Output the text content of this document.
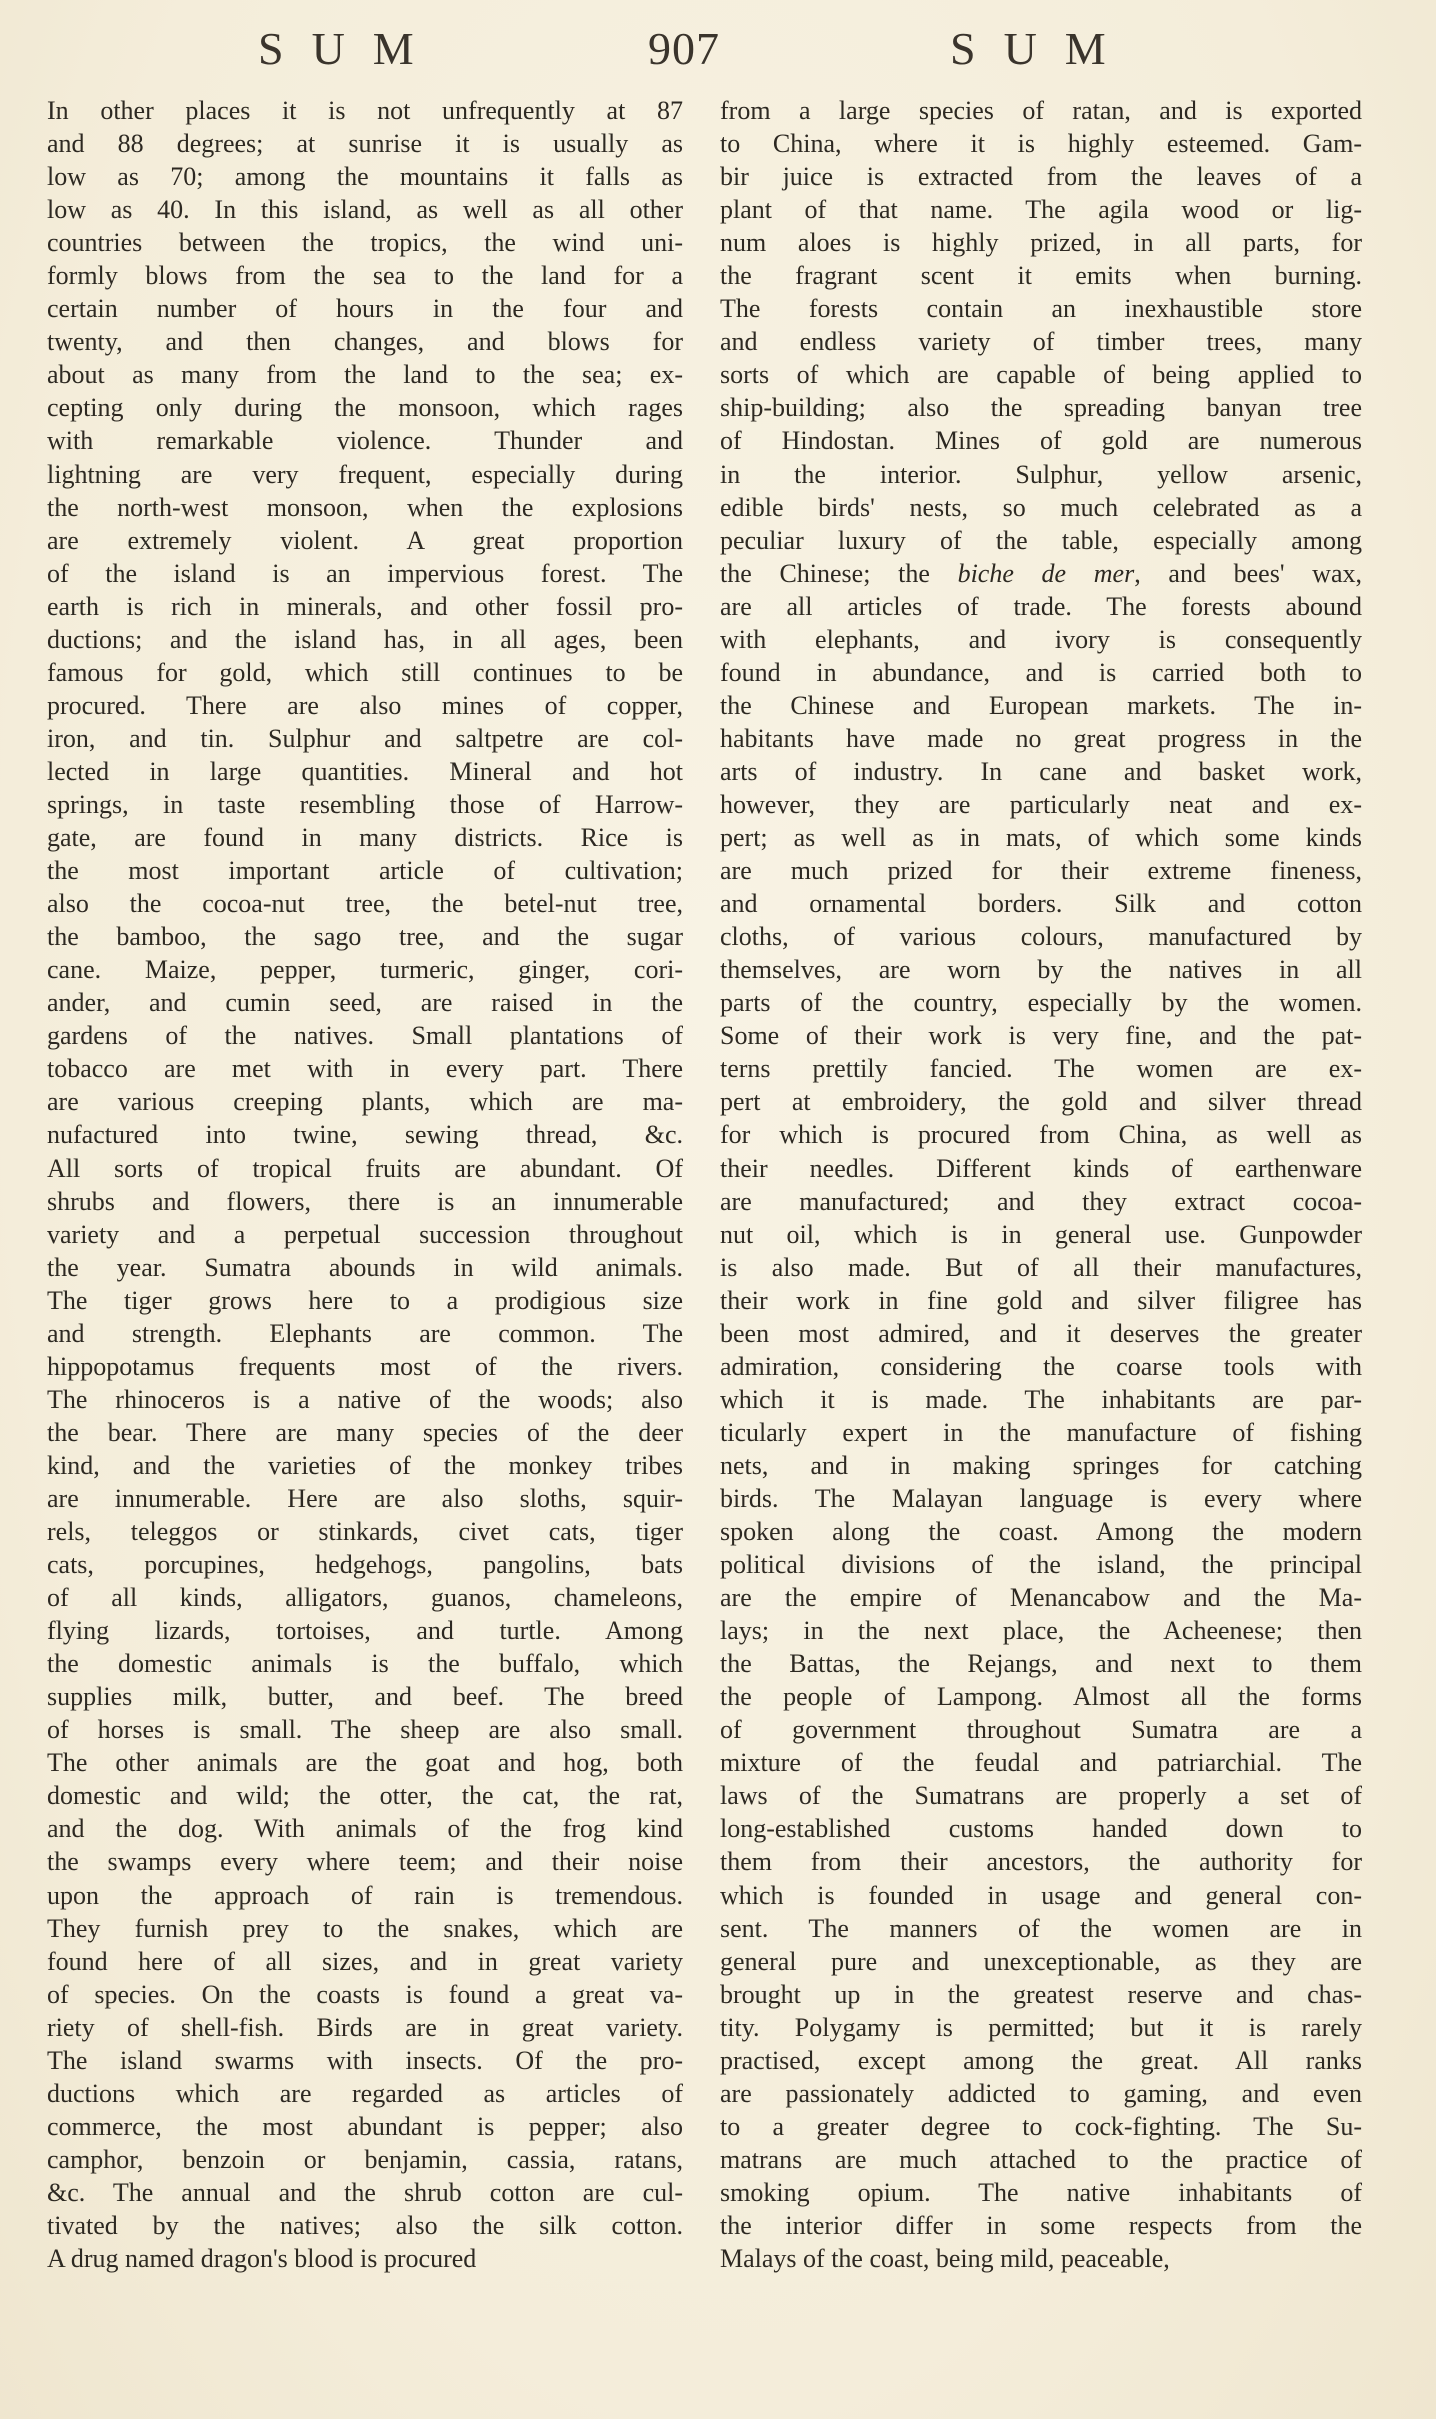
SUM	907	SUM
In other places it is not unfrequently at 87
and 88 degrees; at sunrise it is usually as
low as 70; among the mountains it falls as
low as 40. In this island, as well as all other
countries between the tropics, the wind uni-
formly blows from the sea to the land for a
certain number of hours in the four and
twenty, and then changes, and blows for
about as many from the land to the sea; ex-
cepting only during the monsoon, which rages
with remarkable violence. Thunder and
lightning are very frequent, especially during
the north-west monsoon, when the explosions
are extremely violent. A great proportion
of the island is an impervious forest. The
earth is rich in minerals, and other fossil pro-
ductions; and the island has, in all ages, been
famous for gold, which still continues to be
procured. There are also mines of copper,
iron, and tin. Sulphur and saltpetre are col-
lected in large quantities. Mineral and hot
springs, in taste resembling those of Harrow-
gate, are found in many districts. Rice is
the most important article of cultivation;
also the cocoa-nut tree, the betel-nut tree,
the bamboo, the sago tree, and the sugar
cane. Maize, pepper, turmeric, ginger, cori-
ander, and cumin seed, are raised in the
gardens of the natives. Small plantations of
tobacco are met with in every part. There
are various creeping plants, which are ma-
nufactured into twine, sewing thread, &c.
All sorts of tropical fruits are abundant. Of
shrubs and flowers, there is an innumerable
variety and a perpetual succession throughout
the year. Sumatra abounds in wild animals.
The tiger grows here to a prodigious size
and strength. Elephants are common. The
hippopotamus frequents most of the rivers.
The rhinoceros is a native of the woods; also
the bear. There are many species of the deer
kind, and the varieties of the monkey tribes
are innumerable. Here are also sloths, squir-
rels, teleggos or stinkards, civet cats, tiger
cats, porcupines, hedgehogs, pangolins, bats
of all kinds, alligators, guanos, chameleons,
flying lizards, tortoises, and turtle. Among
the domestic animals is the buffalo, which
supplies milk, butter, and beef. The breed
of horses is small. The sheep are also small.
The other animals are the goat and hog, both
domestic and wild; the otter, the cat, the rat,
and the dog. With animals of the frog kind
the swamps every where teem; and their noise
upon the approach of rain is tremendous.
They furnish prey to the snakes, which are
found here of all sizes, and in great variety
of species. On the coasts is found a great va-
riety of shell-fish. Birds are in great variety.
The island swarms with insects. Of the pro-
ductions which are regarded as articles of
commerce, the most abundant is pepper; also
camphor, benzoin or benjamin, cassia, ratans,
&c. The annual and the shrub cotton are cul-
tivated by the natives; also the silk cotton.
A drug named dragon's blood is procured
from a large species of ratan, and is exported
to China, where it is highly esteemed. Gam-
bir juice is extracted from the leaves of a
plant of that name. The agila wood or lig-
num aloes is highly prized, in all parts, for
the fragrant scent it emits when burning.
The forests contain an inexhaustible store
and endless variety of timber trees, many
sorts of which are capable of being applied to
ship-building; also the spreading banyan tree
of Hindostan. Mines of gold are numerous
in the interior. Sulphur, yellow arsenic,
edible birds' nests, so much celebrated as a
peculiar luxury of the table, especially among
the Chinese; the biche de mer, and bees' wax,
are all articles of trade. The forests abound
with elephants, and ivory is consequently
found in abundance, and is carried both to
the Chinese and European markets. The in-
habitants have made no great progress in the
arts of industry. In cane and basket work,
however, they are particularly neat and ex-
pert; as well as in mats, of which some kinds
are much prized for their extreme fineness,
and ornamental borders. Silk and cotton
cloths, of various colours, manufactured by
themselves, are worn by the natives in all
parts of the country, especially by the women.
Some of their work is very fine, and the pat-
terns prettily fancied. The women are ex-
pert at embroidery, the gold and silver thread
for which is procured from China, as well as
their needles. Different kinds of earthenware
are manufactured; and they extract cocoa-
nut oil, which is in general use. Gunpowder
is also made. But of all their manufactures,
their work in fine gold and silver filigree has
been most admired, and it deserves the greater
admiration, considering the coarse tools with
which it is made. The inhabitants are par-
ticularly expert in the manufacture of fishing
nets, and in making springes for catching
birds. The Malayan language is every where
spoken along the coast. Among the modern
political divisions of the island, the principal
are the empire of Menancabow and the Ma-
lays; in the next place, the Acheenese; then
the Battas, the Rejangs, and next to them
the people of Lampong. Almost all the forms
of government throughout Sumatra are a
mixture of the feudal and patriarchial. The
laws of the Sumatrans are properly a set of
long-established customs handed down to
them from their ancestors, the authority for
which is founded in usage and general con-
sent. The manners of the women are in
general pure and unexceptionable, as they are
brought up in the greatest reserve and chas-
tity. Polygamy is permitted; but it is rarely
practised, except among the great. All ranks
are passionately addicted to gaming, and even
to a greater degree to cock-fighting. The Su-
matrans are much attached to the practice of
smoking opium. The native inhabitants of
the interior differ in some respects from the
Malays of the coast, being mild, peaceable,
